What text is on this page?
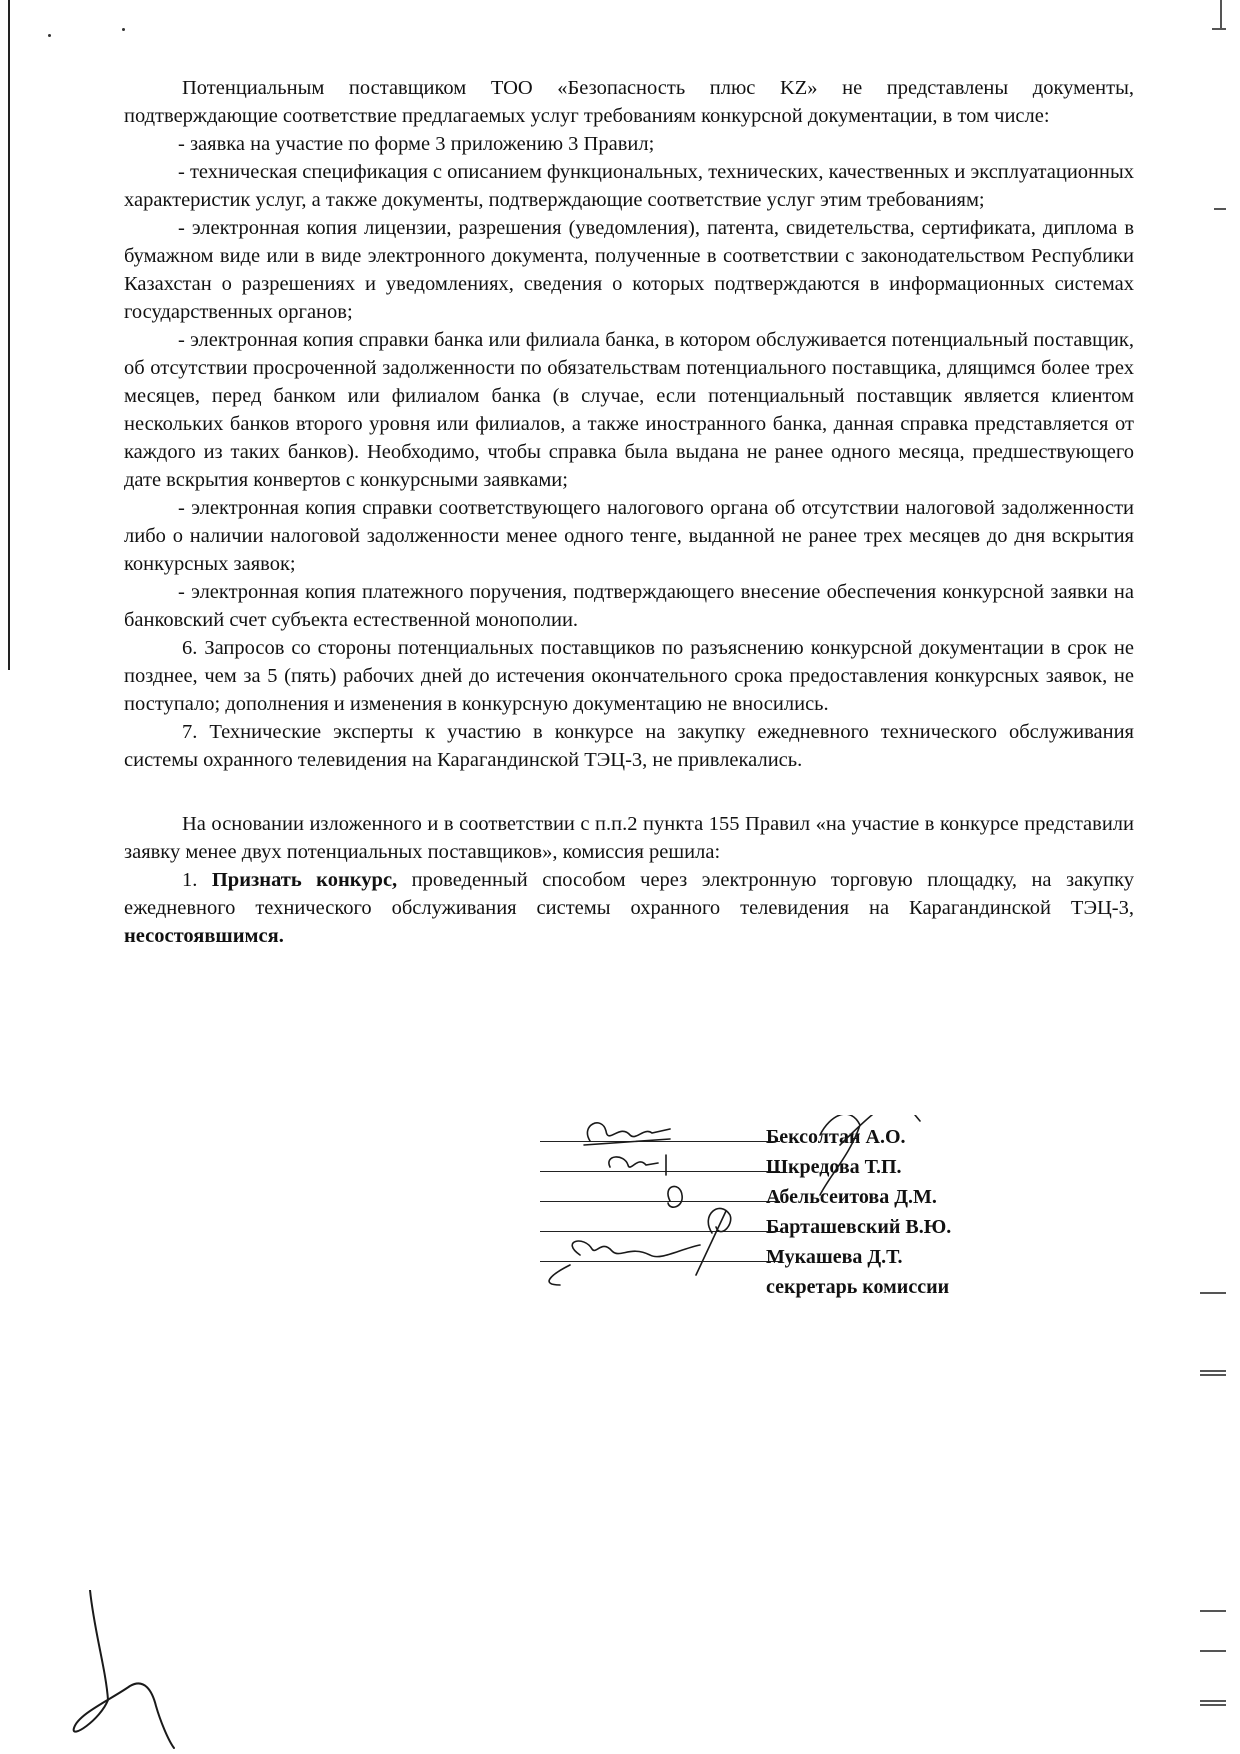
Потенциальным поставщиком ТОО «Безопасность плюс KZ» не представлены документы, подтверждающие соответствие предлагаемых услуг требованиям конкурсной документации, в том числе:

- заявка на участие по форме 3 приложению 3 Правил;

- техническая спецификация с описанием функциональных, технических, качественных и эксплуатационных характеристик услуг, а также документы, подтверждающие соответствие услуг этим требованиям;

- электронная копия лицензии, разрешения (уведомления), патента, свидетельства, сертификата, диплома в бумажном виде или в виде электронного документа, полученные в соответствии с законодательством Республики Казахстан о разрешениях и уведомлениях, сведения о которых подтверждаются в информационных системах государственных органов;

- электронная копия справки банка или филиала банка, в котором обслуживается потенциальный поставщик, об отсутствии просроченной задолженности по обязательствам потенциального поставщика, длящимся более трех месяцев, перед банком или филиалом банка (в случае, если потенциальный поставщик является клиентом нескольких банков второго уровня или филиалов, а также иностранного банка, данная справка представляется от каждого из таких банков). Необходимо, чтобы справка была выдана не ранее одного месяца, предшествующего дате вскрытия конвертов с конкурсными заявками;

- электронная копия справки соответствующего налогового органа об отсутствии налоговой задолженности либо о наличии налоговой задолженности менее одного тенге, выданной не ранее трех месяцев до дня вскрытия конкурсных заявок;

- электронная копия платежного поручения, подтверждающего внесение обеспечения конкурсной заявки на банковский счет субъекта естественной монополии.

6. Запросов со стороны потенциальных поставщиков по разъяснению конкурсной документации в срок не позднее, чем за 5 (пять) рабочих дней до истечения окончательного срока предоставления конкурсных заявок, не поступало; дополнения и изменения в конкурсную документацию не вносились.

7. Технические эксперты к участию в конкурсе на закупку ежедневного технического обслуживания системы охранного телевидения на Карагандинской ТЭЦ-3, не привлекались.

На основании изложенного и в соответствии с п.п.2 пункта 155 Правил «на участие в конкурсе представили заявку менее двух потенциальных поставщиков», комиссия решила:

1. Признать конкурс, проведенный способом через электронную торговую площадку, на закупку ежедневного технического обслуживания системы охранного телевидения на Карагандинской ТЭЦ-3, несостоявшимся.

Бексолтан А.О.
Шкредова Т.П.
Абельсеитова Д.М.
Барташевский В.Ю.
Мукашева Д.Т.
секретарь комиссии
